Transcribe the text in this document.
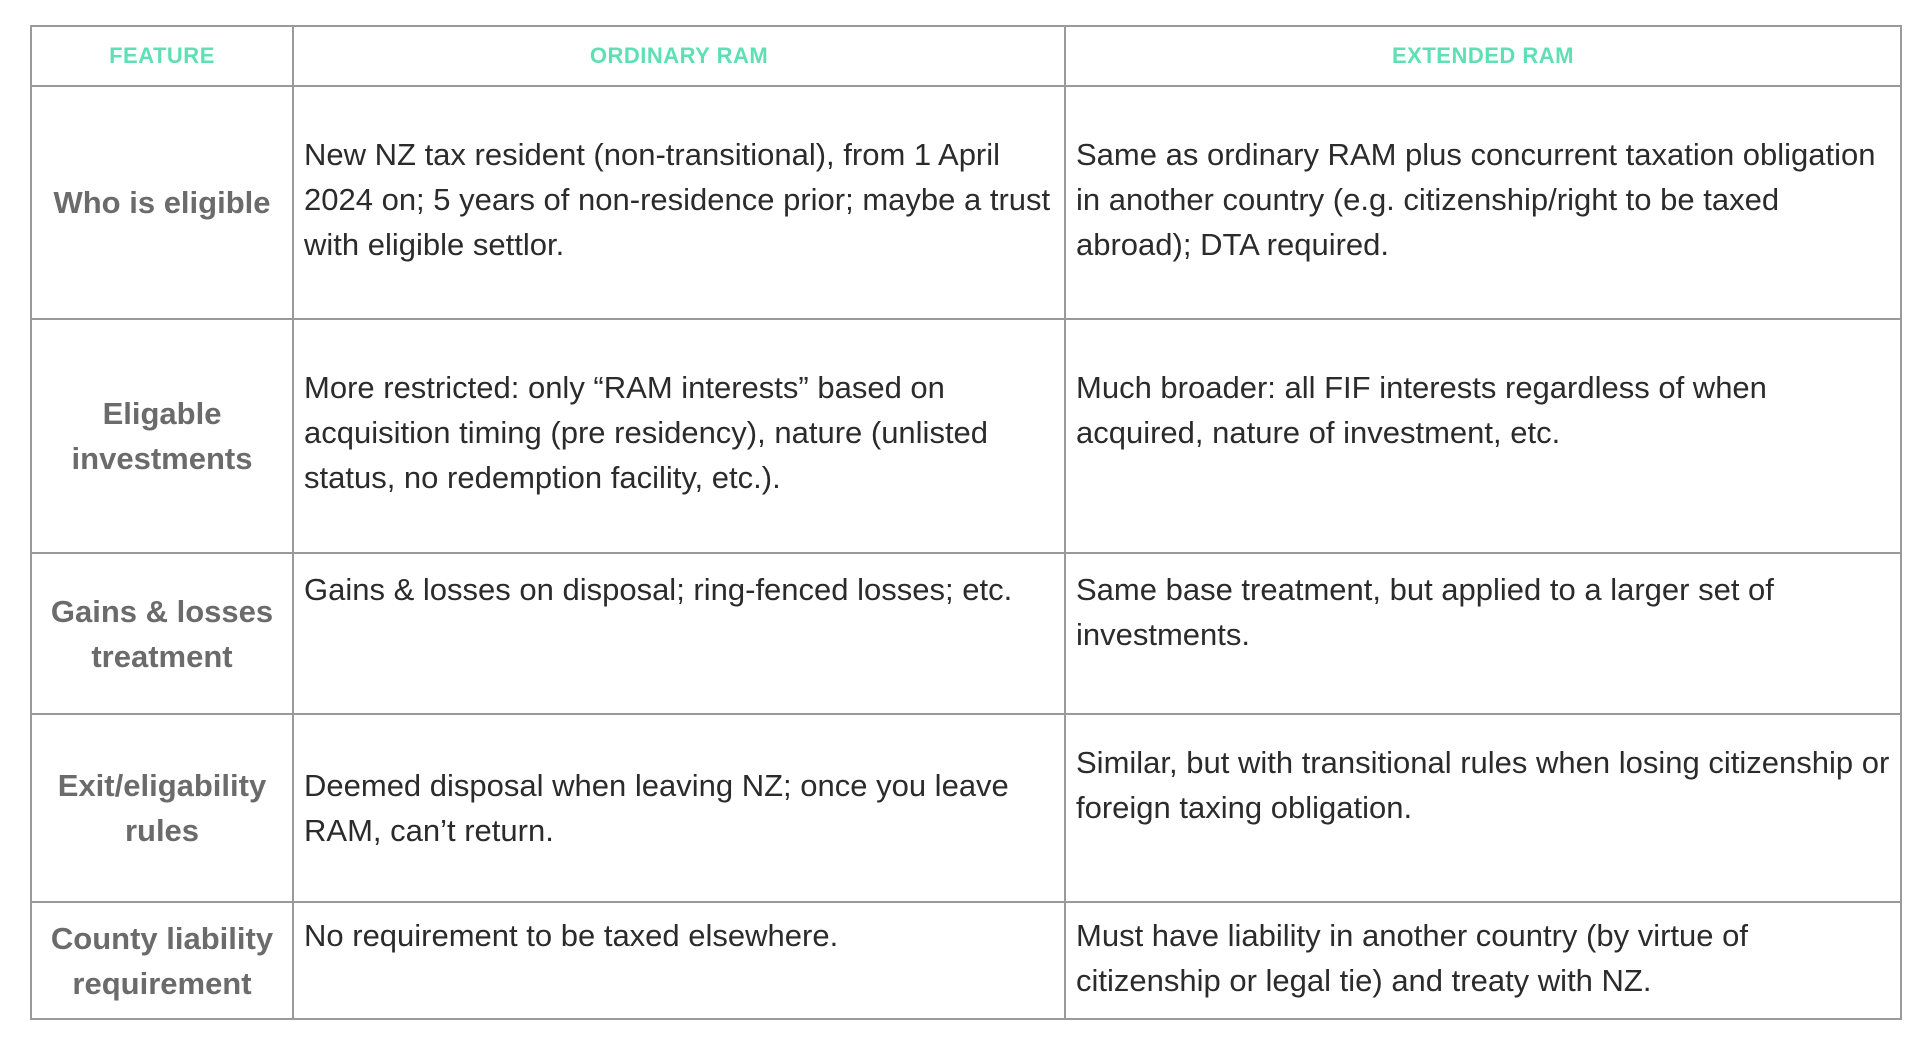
FEATURE	ORDINARY RAM	EXTENDED RAM
Who is eligible	New NZ tax resident (non-transitional), from 1 April 2024 on; 5 years of non-residence prior; maybe a trust with eligible settlor.	Same as ordinary RAM plus concurrent taxation obligation in another country (e.g. citizenship/right to be taxed abroad); DTA required.
Eligable investments	More restricted: only “RAM interests” based on acquisition timing (pre residency), nature (unlisted status, no redemption facility, etc.).	Much broader: all FIF interests regardless of when acquired, nature of investment, etc.
Gains & losses treatment	Gains & losses on disposal; ring-fenced losses; etc.	Same base treatment, but applied to a larger set of investments.
Exit/eligability rules	Deemed disposal when leaving NZ; once you leave RAM, can’t return.	Similar, but with transitional rules when losing citizenship or foreign taxing obligation.
County liability requirement	No requirement to be taxed elsewhere.	Must have liability in another country (by virtue of citizenship or legal tie) and treaty with NZ.
